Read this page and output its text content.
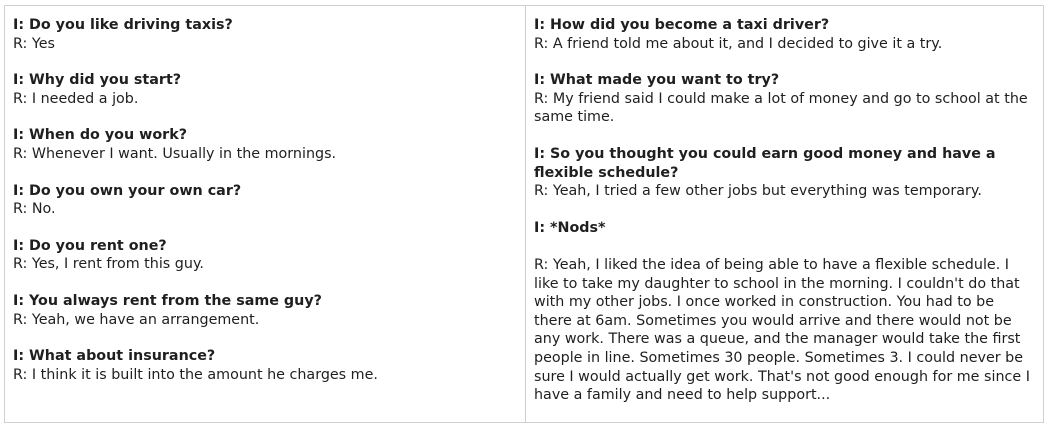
I: Do you like driving taxis?

R: Yes

I: Why did you start?

R: I needed a job.

I: When do you work?

R: Whenever I want. Usually in the mornings.

I: Do you own your own car?

R: No.

I: Do you rent one?

R: Yes, I rent from this guy.

I: You always rent from the same guy?

R: Yeah, we have an arrangement.

I: What about insurance?

R: I think it is built into the amount he charges me.

I: How did you become a taxi driver?

R: A friend told me about it, and I decided to give it a try.

I: What made you want to try?

R: My friend said I could make a lot of money and go to school at the same time.

I: So you thought you could earn good money and have a flexible schedule?

R: Yeah, I tried a few other jobs but everything was temporary.

I: *Nods*

R: Yeah, I liked the idea of being able to have a flexible schedule. I like to take my daughter to school in the morning. I couldn't do that with my other jobs. I once worked in construction. You had to be there at 6am. Sometimes you would arrive and there would not be any work. There was a queue, and the manager would take the first people in line. Sometimes 30 people. Sometimes 3. I could never be sure I would actually get work. That's not good enough for me since I have a family and need to help support...
